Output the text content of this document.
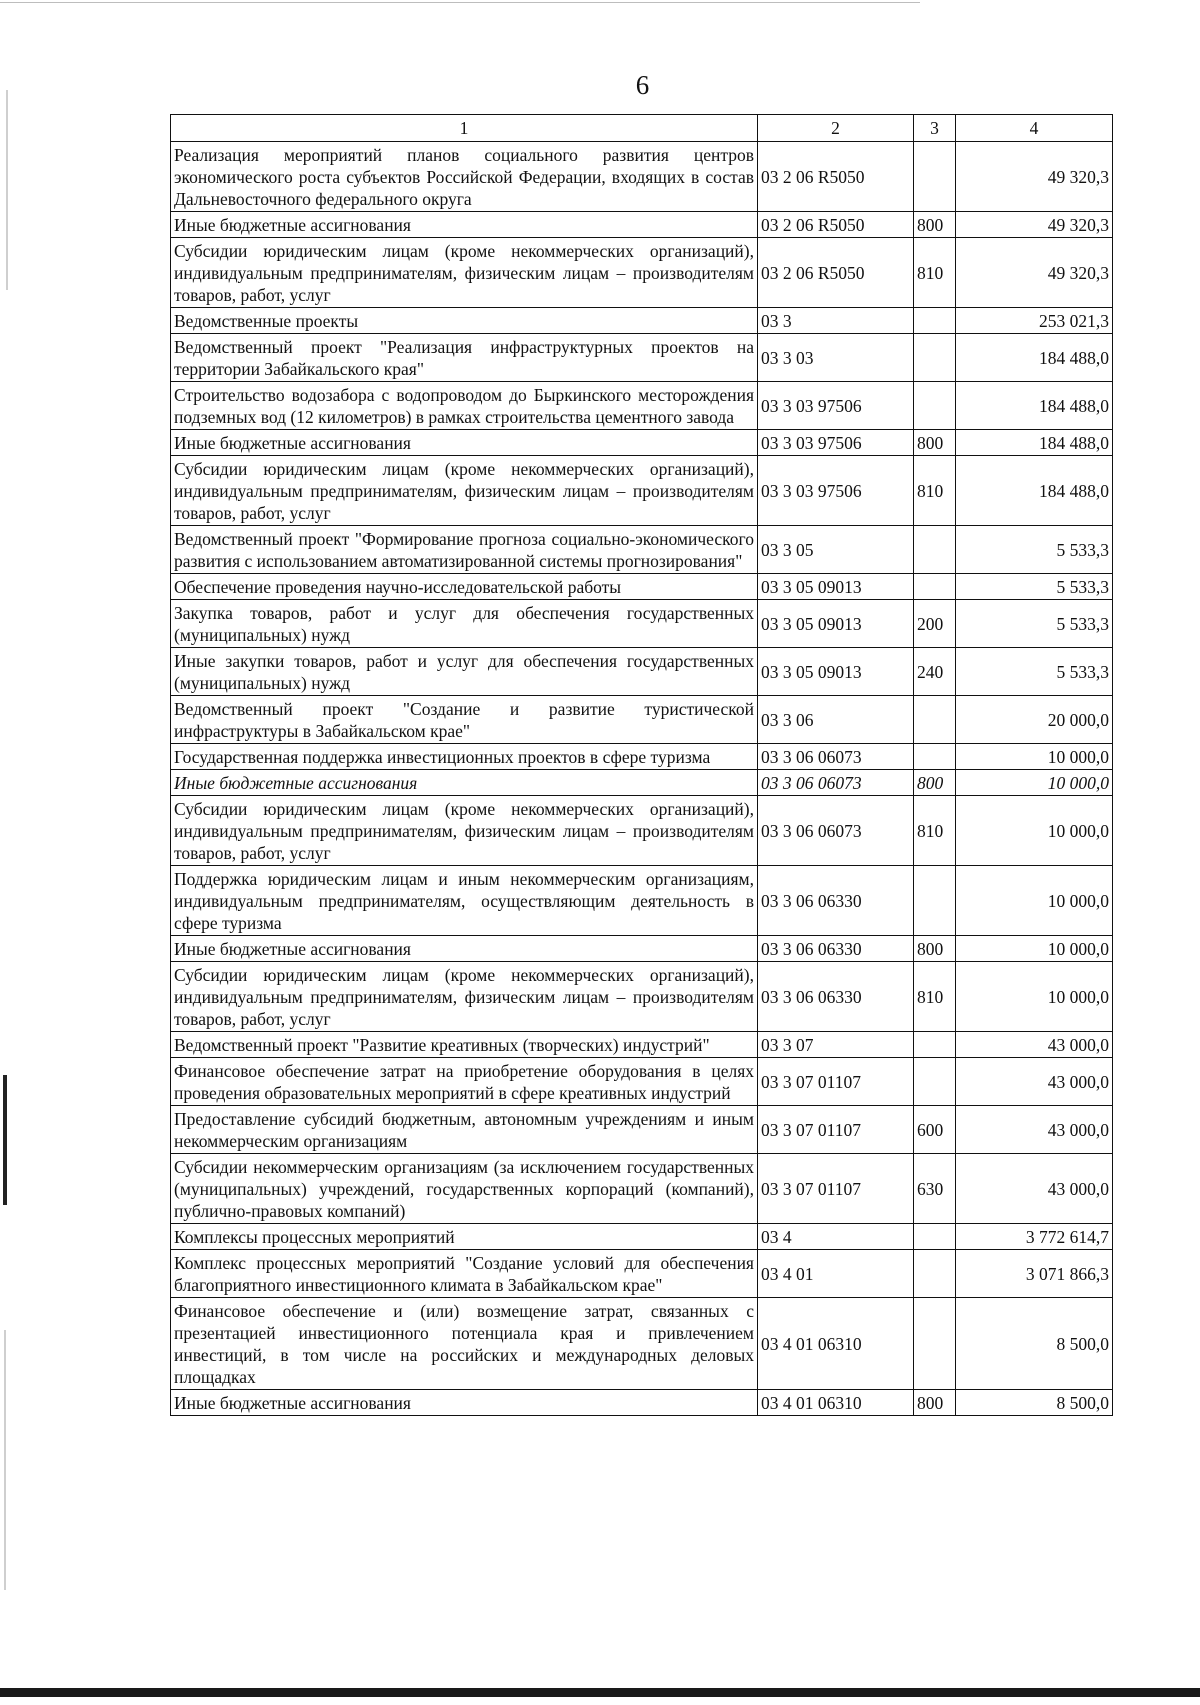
6
1	2	3	4
Реализация мероприятий планов социального развития центров экономического роста субъектов Российской Федерации, входящих в состав Дальневосточного федерального округа	03 2 06 R5050		49 320,3
Иные бюджетные ассигнования	03 2 06 R5050	800	49 320,3
Субсидии юридическим лицам (кроме некоммерческих организаций), индивидуальным предпринимателям, физическим лицам – производителям товаров, работ, услуг	03 2 06 R5050	810	49 320,3
Ведомственные проекты	03 3		253 021,3
Ведомственный проект "Реализация инфраструктурных проектов на территории Забайкальского края"	03 3 03		184 488,0
Строительство водозабора с водопроводом до Быркинского месторождения подземных вод (12 километров) в рамках строительства цементного завода	03 3 03 97506		184 488,0
Иные бюджетные ассигнования	03 3 03 97506	800	184 488,0
Субсидии юридическим лицам (кроме некоммерческих организаций), индивидуальным предпринимателям, физическим лицам – производителям товаров, работ, услуг	03 3 03 97506	810	184 488,0
Ведомственный проект "Формирование прогноза социально-экономического развития с использованием автоматизированной системы прогнозирования"	03 3 05		5 533,3
Обеспечение проведения научно-исследовательской работы	03 3 05 09013		5 533,3
Закупка товаров, работ и услуг для обеспечения государственных (муниципальных) нужд	03 3 05 09013	200	5 533,3
Иные закупки товаров, работ и услуг для обеспечения государственных (муниципальных) нужд	03 3 05 09013	240	5 533,3
Ведомственный проект "Создание и развитие туристической инфраструктуры в Забайкальском крае"	03 3 06		20 000,0
Государственная поддержка инвестиционных проектов в сфере туризма	03 3 06 06073		10 000,0
Иные бюджетные ассигнования	03 3 06 06073	800	10 000,0
Субсидии юридическим лицам (кроме некоммерческих организаций), индивидуальным предпринимателям, физическим лицам – производителям товаров, работ, услуг	03 3 06 06073	810	10 000,0
Поддержка юридическим лицам и иным некоммерческим организациям, индивидуальным предпринимателям, осуществляющим деятельность в сфере туризма	03 3 06 06330		10 000,0
Иные бюджетные ассигнования	03 3 06 06330	800	10 000,0
Субсидии юридическим лицам (кроме некоммерческих организаций), индивидуальным предпринимателям, физическим лицам – производителям товаров, работ, услуг	03 3 06 06330	810	10 000,0
Ведомственный проект "Развитие креативных (творческих) индустрий"	03 3 07		43 000,0
Финансовое обеспечение затрат на приобретение оборудования в целях проведения образовательных мероприятий в сфере креативных индустрий	03 3 07 01107		43 000,0
Предоставление субсидий бюджетным, автономным учреждениям и иным некоммерческим организациям	03 3 07 01107	600	43 000,0
Субсидии некоммерческим организациям (за исключением государственных (муниципальных) учреждений, государственных корпораций (компаний), публично-правовых компаний)	03 3 07 01107	630	43 000,0
Комплексы процессных мероприятий	03 4		3 772 614,7
Комплекс процессных мероприятий "Создание условий для обеспечения благоприятного инвестиционного климата в Забайкальском крае"	03 4 01		3 071 866,3
Финансовое обеспечение и (или) возмещение затрат, связанных с презентацией инвестиционного потенциала края и привлечением инвестиций, в том числе на российских и международных деловых площадках	03 4 01 06310		8 500,0
Иные бюджетные ассигнования	03 4 01 06310	800	8 500,0
